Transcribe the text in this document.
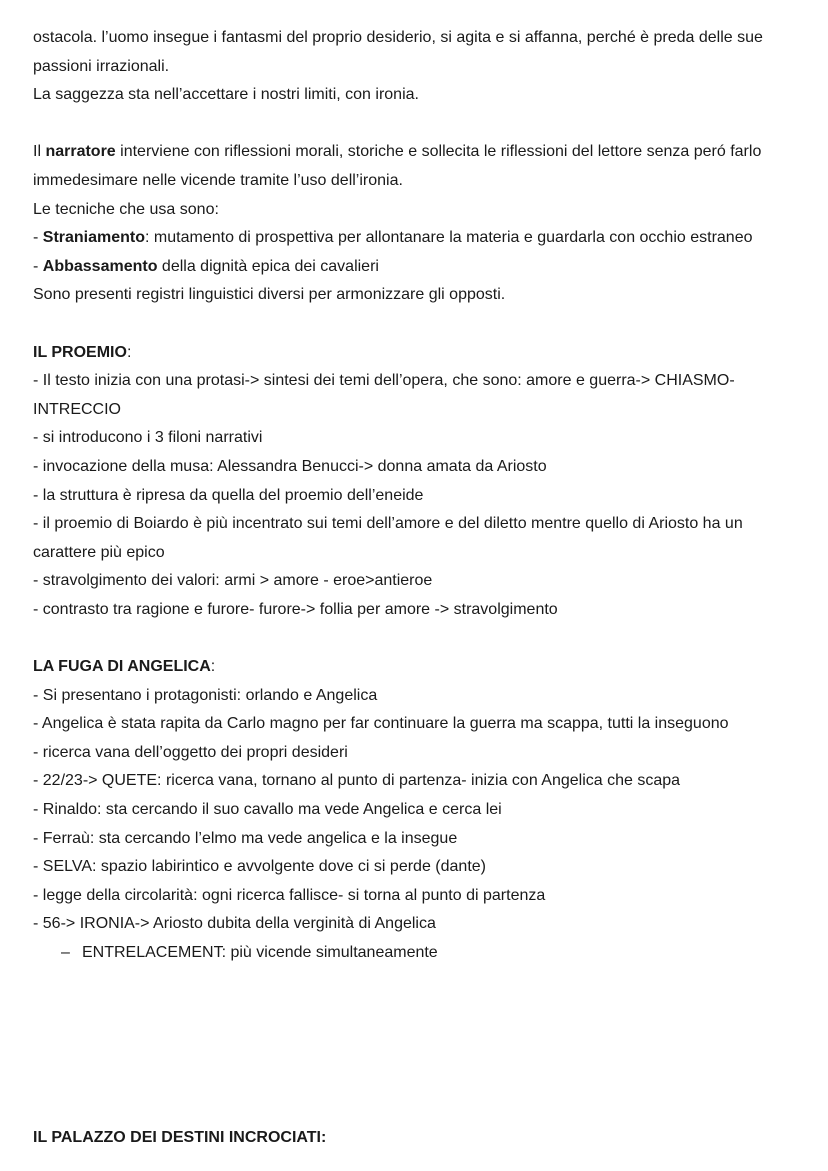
ostacola. l’uomo insegue i fantasmi del proprio desiderio, si agita e si affanna, perché è preda delle sue
passioni irrazionali.
La saggezza sta nell’accettare i nostri limiti, con ironia.
Il narratore interviene con riflessioni morali, storiche e sollecita le riflessioni del lettore senza peró farlo
immedesimare nelle vicende tramite l’uso dell’ironia.
Le tecniche che usa sono:
- Straniamento: mutamento di prospettiva per allontanare la materia e guardarla con occhio estraneo
- Abbassamento della dignità epica dei cavalieri
Sono presenti registri linguistici diversi per armonizzare gli opposti.
IL PROEMIO:
- Il testo inizia con una protasi-> sintesi dei temi dell’opera, che sono: amore e guerra-> CHIASMO-
INTRECCIO
- si introducono i 3 filoni narrativi
- invocazione della musa: Alessandra Benucci-> donna amata da Ariosto
- la struttura è ripresa da quella del proemio dell’eneide
- il proemio di Boiardo è più incentrato sui temi dell’amore e del diletto mentre quello di Ariosto ha un
carattere più epico
- stravolgimento dei valori: armi > amore - eroe>antieroe
- contrasto tra ragione e furore- furore-> follia per amore -> stravolgimento
LA FUGA DI ANGELICA:
- Si presentano i protagonisti: orlando e Angelica
- Angelica è stata rapita da Carlo magno per far continuare la guerra ma scappa, tutti la inseguono
- ricerca vana dell’oggetto dei propri desideri
- 22/23-> QUETE: ricerca vana, tornano al punto di partenza- inizia con Angelica che scapa
- Rinaldo: sta cercando il suo cavallo ma vede Angelica e cerca lei
- Ferraù: sta cercando l’elmo ma vede angelica e la insegue
- SELVA: spazio labirintico e avvolgente dove ci si perde (dante)
- legge della circolarità: ogni ricerca fallisce- si torna al punto di partenza
- 56-> IRONIA-> Ariosto dubita della verginità di Angelica
– ENTRELACEMENT: più vicende simultaneamente
IL PALAZZO DEI DESTINI INCROCIATI:
